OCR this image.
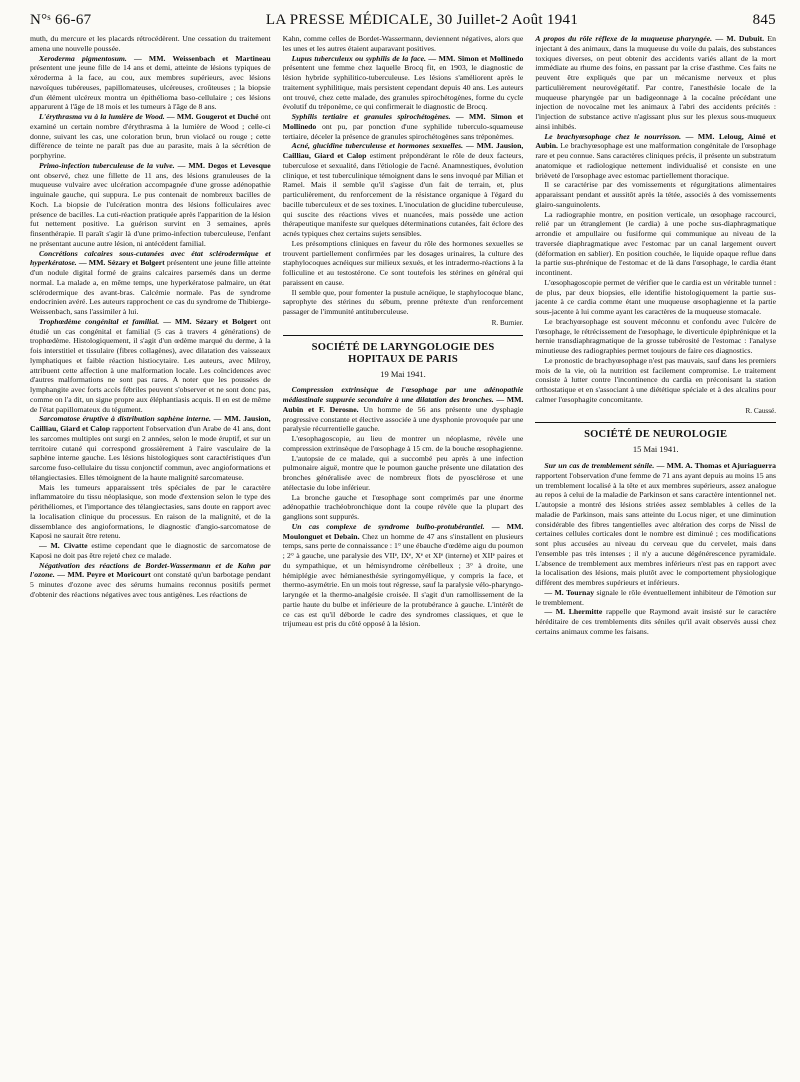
N°ˢ 66-67	LA PRESSE MÉDICALE, 30 Juillet-2 Août 1941	845

muth, du mercure et les placards rétrocédèrent. Une cessation du traitement amena une nouvelle poussée.

Xeroderma pigmentosum. — MM. Weissenbach et Martineau présentent une jeune fille de 14 ans et demi, atteinte de lésions typiques de xéroderma à la face, au cou, aux membres supérieurs, avec lésions nævoïques tubéreuses, papillomateuses, ulcéreuses, croûteuses ; la biopsie d'un élément ulcéreux montra un épithélioma baso-cellulaire ; ces lésions apparurent à l'âge de 18 mois et les tumeurs à l'âge de 8 ans.

L'érythrasma vu à la lumière de Wood. — MM. Gougerot et Duché ont examiné un certain nombre d'érythrasma à la lumière de Wood ; celle-ci donne, suivant les cas, une coloration brun, brun violacé ou rouge ; cette différence de teinte ne paraît pas due au parasite, mais à la sécrétion de porphyrine.

Primo-infection tuberculeuse de la vulve. — MM. Degos et Levesque ont observé, chez une fillette de 11 ans, des lésions granuleuses de la muqueuse vulvaire avec ulcération accompagnée d'une grosse adénopathie inguinale gauche, qui suppura. Le pus contenait de nombreux bacilles de Koch. La biopsie de l'ulcération montra des lésions folliculaires avec présence de bacilles. La cuti-réaction pratiquée après l'apparition de la lésion fut nettement positive. La guérison survint en 3 semaines, après finsenthérapie. Il paraît s'agir là d'une primo-infection tuberculeuse, l'enfant ne présentant aucune autre lésion, ni antécédent familial.

Concrétions calcaires sous-cutanées avec état sclérodermique et hyperkératose. — MM. Sézary et Bolgert présentent une jeune fille atteinte d'un nodule digital formé de grains calcaires parsemés dans un derme normal. La malade a, en même temps, une hyperkératose palmaire, un état sclérodermique des avant-bras. Calcémie normale. Pas de syndrome endocrinien avéré. Les auteurs rapprochent ce cas du syndrome de Thibierge-Weissenbach, sans l'assimiler à lui.

Trophœdème congénital et familial. — MM. Sézary et Bolgert ont étudié un cas congénital et familial (5 cas à travers 4 générations) de trophœdème. Histologiquement, il s'agit d'un œdème marqué du derme, à la fois interstitiel et tissulaire (fibres collagènes), avec dilatation des vaisseaux lymphatiques et faible réaction histiocytaire. Les auteurs, avec Milroy, attribuent cette affection à une malformation locale. Les coïncidences avec d'autres malformations ne sont pas rares. A noter que les poussées de lymphangite avec forts accès fébriles peuvent s'observer et ne sont donc pas, comme on l'a dit, un signe propre aux éléphantiasis acquis. Il en est de même de l'état papillomateux du tégument.

Sarcomatose éruptive à distribution saphène interne. — MM. Jausion, Cailliau, Giard et Calop rapportent l'observation d'un Arabe de 41 ans, dont les sarcomes multiples ont surgi en 2 années, selon le mode éruptif, et sur un territoire cutané qui correspond grossièrement à l'aire vasculaire de la saphène interne gauche. Les lésions histologiques sont caractéristiques d'un sarcome fuso-cellulaire du tissu conjonctif commun, avec angioformations et télangiectasies. Elles témoignent de la haute malignité sarcomateuse.

Mais les tumeurs apparaissent très spéciales de par le caractère inflammatoire du tissu néoplasique, son mode d'extension selon le type des périthéliomes, et l'importance des télangiectasies, sans doute en rapport avec la localisation clinique du processus. En raison de la malignité, et de la dissemblance des angioformations, le diagnostic d'angio-sarcomatose de Kaposi ne saurait être retenu.

— M. Civatte estime cependant que le diagnostic de sarcomatose de Kaposi ne doit pas être rejeté chez ce malade.

Négativation des réactions de Bordet-Wassermann et de Kahn par l'ozone. — MM. Peyre et Moricourt ont constaté qu'un barbotage pendant 5 minutes d'ozone avec des sérums humains reconnus positifs permet d'obtenir des réactions négatives avec tous antigènes. Les réactions de

Kahn, comme celles de Bordet-Wassermann, deviennent négatives, alors que les unes et les autres étaient auparavant positives.

Lupus tuberculeux ou syphilis de la face. — MM. Simon et Mollinedo présentent une femme chez laquelle Brocq fit, en 1903, le diagnostic de lésion hybride syphilitico-tuberculeuse. Les lésions s'améliorent après le traitement syphilitique, mais persistent cependant depuis 40 ans. Les auteurs ont trouvé, chez cette malade, des granules spirochétogènes, forme du cycle évolutif du tréponème, ce qui confirmerait le diagnostic de Brocq.

Syphilis tertiaire et granules spirochétogènes. — MM. Simon et Mollinedo ont pu, par ponction d'une syphilide tuberculo-squameuse tertiaire, déceler la présence de granules spirochétogènes sans tréponèmes.

Acné, glucidine tuberculeuse et hormones sexuelles. — MM. Jausion, Cailliau, Giard et Calop estiment prépondérant le rôle de deux facteurs, tuberculose et sexualité, dans l'étiologie de l'acné. Anamnestiques, évolution clinique, et test tuberculinique témoignent dans le sens invoqué par Milian et Ramel. Mais il semble qu'il s'agisse d'un fait de terrain, et, plus particulièrement, du renforcement de la résistance organique à l'égard du bacille tuberculeux et de ses toxines. L'inoculation de glucidine tuberculeuse, qui suscite des réactions vives et nuancées, mais possède une action thérapeutique manifeste sur quelques déterminations cutanées, fait éclore des acnés typiques chez certains sujets sensibles.

Les présomptions cliniques en faveur du rôle des hormones sexuelles se trouvent partiellement confirmées par les dosages urinaires, la culture des staphylocoques acnéiques sur milieux sexués, et les intradermo-réactions à la folliculine et au testostérone. Ce sont toutefois les stérines en général qui paraissent en cause.

Il semble que, pour fomenter la pustule acnéique, le staphylocoque blanc, saprophyte des stérines du sébum, prenne prétexte d'un renforcement passager de l'immunité antituberculeuse.

R. Burnier.
SOCIÉTÉ DE LARYNGOLOGIE DES HOPITAUX DE PARIS
19 Mai 1941.

Compression extrinsèque de l'œsophage par une adénopathie médiastinale suppurée secondaire à une dilatation des bronches. — MM. Aubin et F. Derosne. Un homme de 56 ans présente une dysphagie progressive constante et élective associée à une dysphonie provoquée par une paralysie récurrentielle gauche.

L'œsophagoscopie, au lieu de montrer un néoplasme, révèle une compression extrinsèque de l'œsophage à 15 cm. de la bouche œsophagienne.

L'autopsie de ce malade, qui a succombé peu après à une infection pulmonaire aiguë, montre que le poumon gauche présente une dilatation des bronches généralisée avec de nombreux flots de pyosclérose et une atélectasie du lobe inférieur.

La bronche gauche et l'œsophage sont comprimés par une énorme adénopathie trachéobronchique dont la coupe révèle que la plupart des ganglions sont suppurés.

Un cas complexe de syndrome bulbo-protubérantiel. — MM. Moulonguet et Debain. Chez un homme de 47 ans s'installent en plusieurs temps, sans perte de connaissance : 1° une ébauche d'œdème aigu du poumon ; 2° à gauche, une paralysie des VIIᵉ, IXᵉ, Xᵉ et XIᵉ (interne) et XIIᵉ paires et du sympathique, et un hémisyndrome cérébelleux ; 3° à droite, une hémiplégie avec hémianesthésie syringomyélique, y compris la face, et thermo-asymétrie. En un mois tout régresse, sauf la paralysie vélo-pharyngo-laryngée et la thermo-analgésie croisée. Il s'agit d'un ramollissement de la partie haute du bulbe et inférieure de la protubérance à gauche. L'intérêt de ce cas est qu'il déborde le cadre des syndromes classiques, et que le trijumeau est pris du côté opposé à la lésion.

A propos du rôle réflexe de la muqueuse pharyngée. — M. Dubuit. En injectant à des animaux, dans la muqueuse du voile du palais, des substances toxiques diverses, on peut obtenir des accidents variés allant de la mort immédiate au rhume des foins, en passant par la crise d'asthme. Ces faits ne peuvent être expliqués que par un mécanisme nerveux et plus particulièrement neurovégétatif. Par contre, l'anesthésie locale de la muqueuse pharyngée par un badigeonnage à la cocaïne précédant une injection de novocaïne met les animaux à l'abri des accidents précités : l'injection de substance active n'agissant plus sur les plexus sous-muqueux ainsi inhibés.

Le brachyœsophage chez le nourrisson. — MM. Leloug, Aimé et Aubin. Le brachyœsophage est une malformation congénitale de l'œsophage rare et peu connue. Sans caractères cliniques précis, il présente un substratum anatomique et radiologique nettement individualisé et consiste en une brièveté de l'œsophage avec estomac partiellement thoracique.

Il se caractérise par des vomissements et régurgitations alimentaires apparaissant pendant et aussitôt après la tétée, associés à des vomissements glairo-sanguinolents.

La radiographie montre, en position verticale, un œsophage raccourci, relié par un étranglement (le cardia) à une poche sus-diaphragmatique arrondie et ampullaire ou fusiforme qui communique au niveau de la traversée diaphragmatique avec l'estomac par un canal largement ouvert (déformation en sablier). En position couchée, le liquide opaque reflue dans la partie sus-phrénique de l'estomac et de là dans l'œsophage, le cardia étant incontinent.

L'œsophagoscopie permet de vérifier que le cardia est un véritable tunnel : de plus, par deux biopsies, elle identifie histologiquement la partie sus-jacente à ce cardia comme étant une muqueuse œsophagienne et la partie sous-jacente à lui comme ayant les caractères de la muqueuse stomacale.

Le brachyœsophage est souvent méconnu et confondu avec l'ulcère de l'œsophage, le rétrécissement de l'œsophage, le diverticule épiphrénique et la hernie transdiaphragmatique de la grosse tubérosité de l'estomac : l'analyse minutieuse des radiographies permet toujours de faire ces diagnostics.

Le pronostic de brachyœsophage n'est pas mauvais, sauf dans les premiers mois de la vie, où la nutrition est facilement compromise. Le traitement consiste à lutter contre l'incontinence du cardia en préconisant la station orthostatique et en s'associant à une diététique spéciale et à des alcalins pour calmer l'œsophagite concomitante.

R. Caussé.
SOCIÉTÉ DE NEUROLOGIE
15 Mai 1941.

Sur un cas de tremblement sénile. — MM. A. Thomas et Ajuriaguerra rapportent l'observation d'une femme de 71 ans ayant depuis au moins 15 ans un tremblement localisé à la tête et aux membres supérieurs, assez analogue au repos à celui de la maladie de Parkinson et sans caractère intentionnel net. L'autopsie a montré des lésions striées assez semblables à celles de la maladie de Parkinson, mais sans atteinte du Locus niger, et une diminution considérable des fibres tangentielles avec altération des corps de Nissl de certaines cellules corticales dont le nombre est diminué ; ces modifications sont plus accusées au niveau du cerveau que du cervelet, mais dans l'ensemble pas très intenses ; il n'y a aucune dégénérescence pyramidale. L'absence de tremblement aux membres inférieurs n'est pas en rapport avec la localisation des lésions, mais plutôt avec le comportement physiologique différent des membres supérieurs et inférieurs.

— M. Tournay signale le rôle éventuellement inhibiteur de l'émotion sur le tremblement.

— M. Lhermitte rappelle que Raymond avait insisté sur le caractère héréditaire de ces tremblements dits séniles qu'il avait observés aussi chez certains animaux comme les faisans.
